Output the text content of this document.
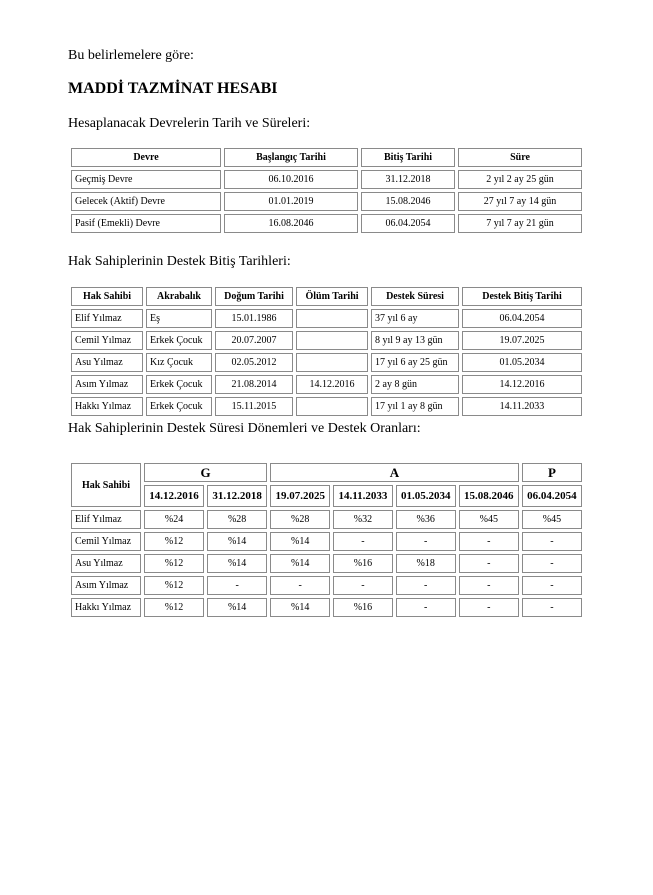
Bu belirlemelere göre:
MADDİ TAZMİNAT HESABI
Hesaplanacak Devrelerin Tarih ve Süreleri:
Devre	Başlangıç Tarihi	Bitiş Tarihi	Süre
Geçmiş Devre	06.10.2016	31.12.2018	2 yıl 2 ay 25 gün
Gelecek (Aktif) Devre	01.01.2019	15.08.2046	27 yıl 7 ay 14 gün
Pasif (Emekli) Devre	16.08.2046	06.04.2054	7 yıl 7 ay 21 gün
Hak Sahiplerinin Destek Bitiş Tarihleri:
Hak Sahibi	Akrabalık	Doğum Tarihi	Ölüm Tarihi	Destek Süresi	Destek Bitiş Tarihi
Elif Yılmaz	Eş	15.01.1986		37 yıl 6 ay	06.04.2054
Cemil Yılmaz	Erkek Çocuk	20.07.2007		8 yıl 9 ay 13 gün	19.07.2025
Asu Yılmaz	Kız Çocuk	02.05.2012		17 yıl 6 ay 25 gün	01.05.2034
Asım Yılmaz	Erkek Çocuk	21.08.2014	14.12.2016	2 ay 8 gün	14.12.2016
Hakkı Yılmaz	Erkek Çocuk	15.11.2015		17 yıl 1 ay 8 gün	14.11.2033
Hak Sahiplerinin Destek Süresi Dönemleri ve Destek Oranları:
Hak Sahibi	G		A				P
	14.12.2016	31.12.2018	19.07.2025	14.11.2033	01.05.2034	15.08.2046	06.04.2054
Elif Yılmaz	%24	%28	%28	%32	%36	%45	%45
Cemil Yılmaz	%12	%14	%14	-	-	-	-
Asu Yılmaz	%12	%14	%14	%16	%18	-	-
Asım Yılmaz	%12	-	-	-	-	-	-
Hakkı Yılmaz	%12	%14	%14	%16	-	-	-
